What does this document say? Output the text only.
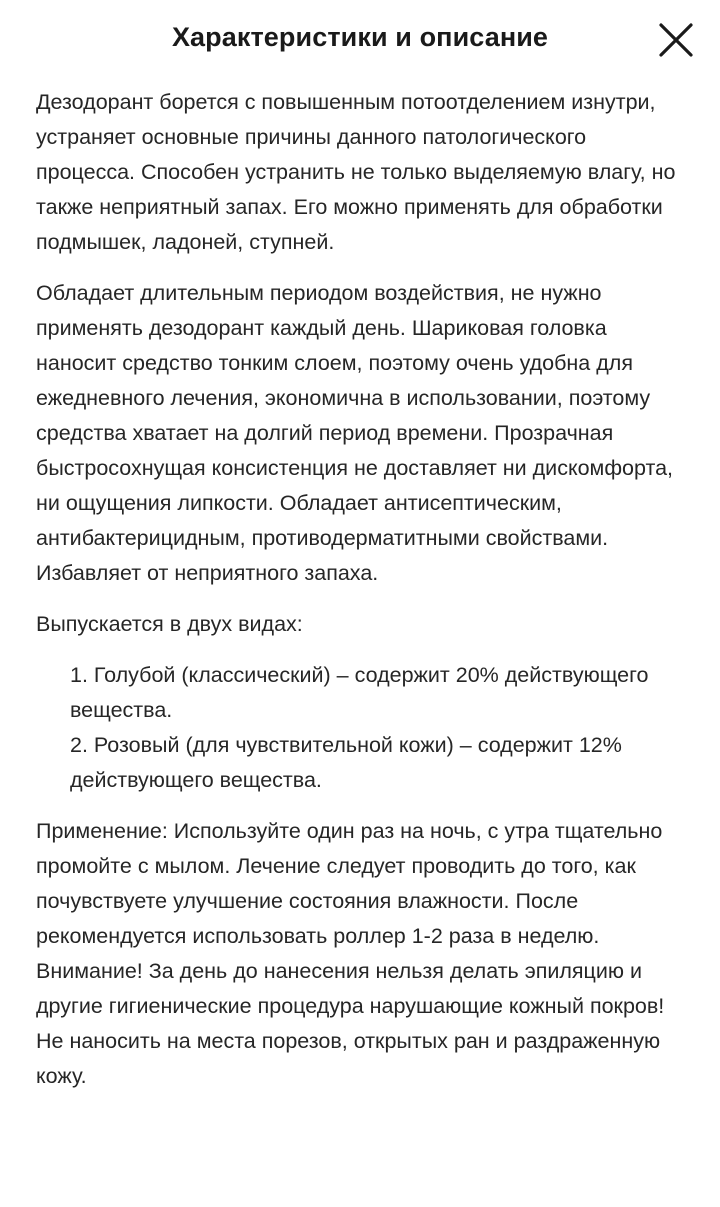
Характеристики и описание

Дезодорант борется с повышенным потоотделением изнутри, устраняет основные причины данного патологического процесса. Способен устранить не только выделяемую влагу, но также неприятный запах. Его можно применять для обработки подмышек, ладоней, ступней.

Обладает длительным периодом воздействия, не нужно применять дезодорант каждый день. Шариковая головка наносит средство тонким слоем, поэтому очень удобна для ежедневного лечения, экономична в использовании, поэтому средства хватает на долгий период времени. Прозрачная быстросохнущая консистенция не доставляет ни дискомфорта, ни ощущения липкости. Обладает антисептическим, антибактерицидным, противодерматитными свойствами. Избавляет от неприятного запаха.

Выпускается в двух видах:

1. Голубой (классический) – содержит 20% действующего вещества.
2. Розовый (для чувствительной кожи) – содержит 12% действующего вещества.

Применение: Используйте один раз на ночь, с утра тщательно промойте с мылом. Лечение следует проводить до того, как почувствуете улучшение состояния влажности. После рекомендуется использовать роллер 1-2 раза в неделю. Внимание! За день до нанесения нельзя делать эпиляцию и другие гигиенические процедура нарушающие кожный покров! Не наносить на места порезов, открытых ран и раздраженную кожу.
